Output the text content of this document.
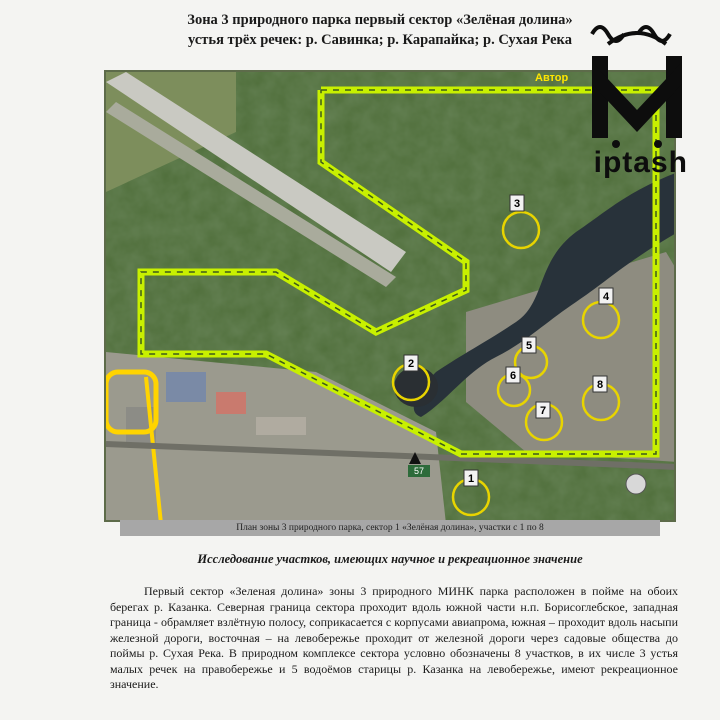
Зона 3 природного парка первый сектор «Зелёная долина»
устья трёх речек: р. Савинка; р. Карапайка; р. Сухая Река
1
2
3
4
5
6
7
8
57
Автор
iptash
План зоны 3 природного парка, сектор 1 «Зелёная долина», участки с 1 по 8
Исследование участков, имеющих научное и рекреационное значение
Первый сектор «Зеленая долина» зоны 3 природного МИНК парка расположен в пойме на обоих берегах р. Казанка. Северная граница сектора проходит вдоль южной части н.п. Борисоглебское, западная граница - обрамляет взлётную полосу, соприкасается с корпусами авиапрома, южная – проходит вдоль насыпи железной дороги, восточная – на левобережье проходит от железной дороги через садовые общества до поймы р. Сухая Река. В природном комплексе сектора условно обозначены 8 участков, в их числе 3 устья малых речек на правобережье и 5 водоёмов старицы р. Казанка на левобережье, имеют рекреационное значение.
